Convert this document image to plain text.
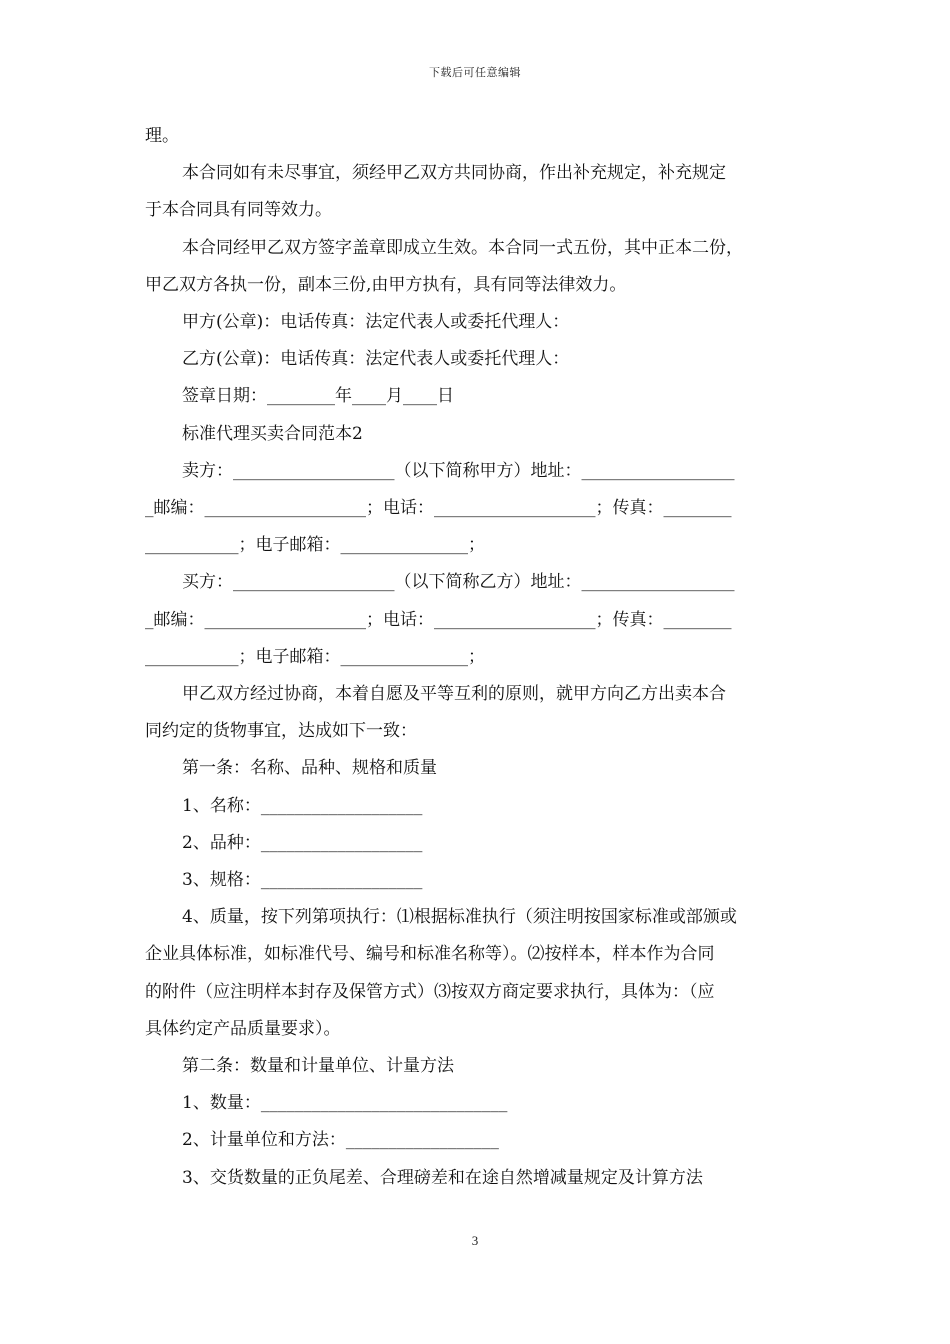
下载后可任意编辑

理。

本合同如有未尽事宜，须经甲乙双方共同协商，作出补充规定，补充规定

于本合同具有同等效力。

本合同经甲乙双方签字盖章即成立生效。本合同一式五份，其中正本二份，

甲乙双方各执一份，副本三份,由甲方执有，具有同等法律效力。

甲方(公章)：电话传真：法定代表人或委托代理人：

乙方(公章)：电话传真：法定代表人或委托代理人：

签章日期：________年____月____日

标准代理买卖合同范本2

卖方：___________________（以下简称甲方）地址：__________________

_邮编：___________________；电话：___________________；传真：________

___________；电子邮箱：_______________；

买方：___________________（以下简称乙方）地址：__________________

_邮编：___________________；电话：___________________；传真：________

___________；电子邮箱：_______________；

甲乙双方经过协商，本着自愿及平等互利的原则，就甲方向乙方出卖本合

同约定的货物事宜，达成如下一致：

第一条：名称、品种、规格和质量

1、名称：___________________

2、品种：___________________

3、规格：___________________

4、质量，按下列第项执行：⑴根据标准执行（须注明按国家标准或部颁或

企业具体标准，如标准代号、编号和标准名称等）。⑵按样本，样本作为合同

的附件（应注明样本封存及保管方式）⑶按双方商定要求执行，具体为：（应

具体约定产品质量要求）。

第二条：数量和计量单位、计量方法

1、数量：_____________________________

2、计量单位和方法：__________________

3、交货数量的正负尾差、合理磅差和在途自然增减量规定及计算方法

3
